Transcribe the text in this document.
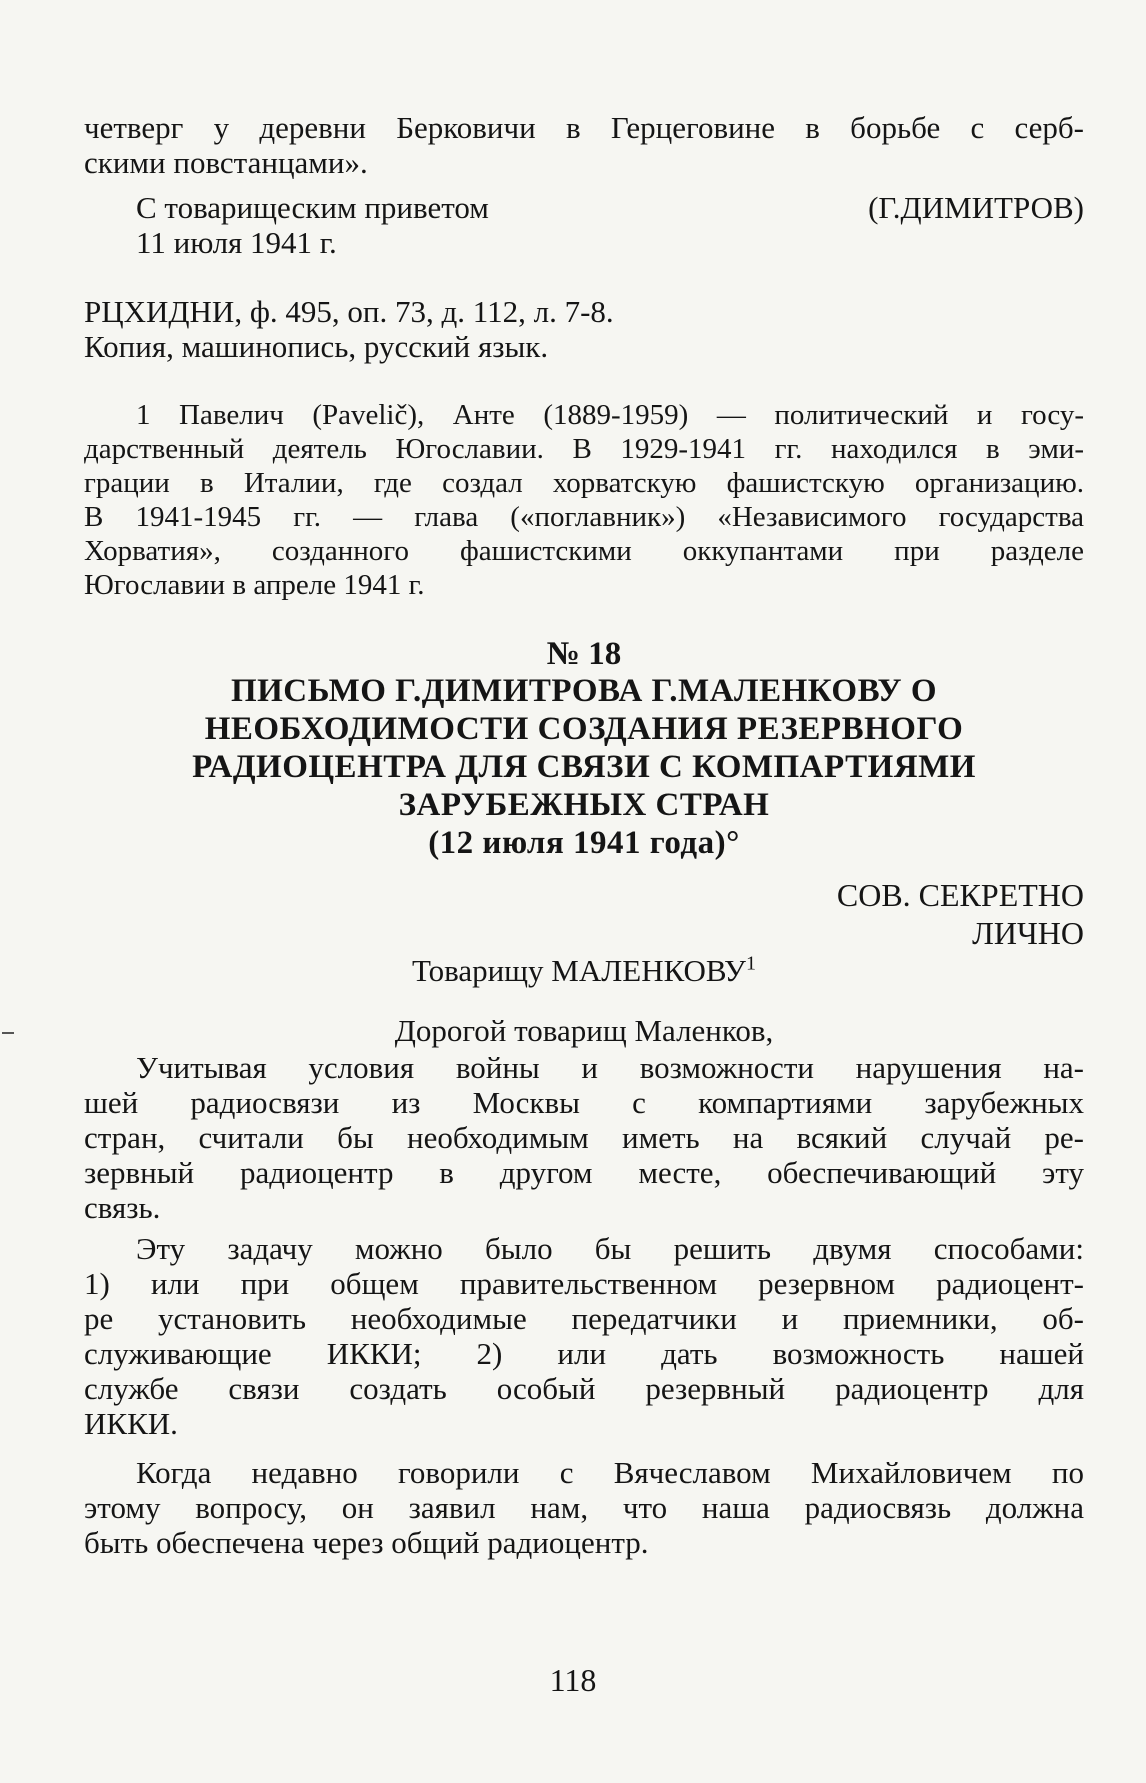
четверг у деревни Берковичи в Герцеговине в борьбе с серб-

скими повстанцами».

С товарищеским приветом	(Г.ДИМИТРОВ)

11 июля 1941 г.

РЦХИДНИ, ф. 495, оп. 73, д. 112, л. 7-8.

Копия, машинопись, русский язык.

1 Павелич (Pavelič), Анте (1889-1959) — политический и госу-

дарственный деятель Югославии. В 1929-1941 гг. находился в эми-

грации в Италии, где создал хорватскую фашистскую организацию.

В 1941-1945 гг. — глава («поглавник») «Независимого государства

Хорватия», созданного фашистскими оккупантами при разделе

Югославии в апреле 1941 г.

№ 18

ПИСЬМО Г.ДИМИТРОВА Г.МАЛЕНКОВУ О

НЕОБХОДИМОСТИ СОЗДАНИЯ РЕЗЕРВНОГО

РАДИОЦЕНТРА ДЛЯ СВЯЗИ С КОМПАРТИЯМИ

ЗАРУБЕЖНЫХ СТРАН

(12 июля 1941 года)°

СОВ. СЕКРЕТНО

ЛИЧНО

Товарищу МАЛЕНКОВУ$^1$

Дорогой товарищ Маленков,

Учитывая условия войны и возможности нарушения на-

шей радиосвязи из Москвы с компартиями зарубежных

стран, считали бы необходимым иметь на всякий случай ре-

зервный радиоцентр в другом месте, обеспечивающий эту

связь.

Эту задачу можно было бы решить двумя способами:

1) или при общем правительственном резервном радиоцент-

ре установить необходимые передатчики и приемники, об-

служивающие ИККИ; 2) или дать возможность нашей

службе связи создать особый резервный радиоцентр для

ИККИ.

Когда недавно говорили с Вячеславом Михайловичем по

этому вопросу, он заявил нам, что наша радиосвязь должна

быть обеспечена через общий радиоцентр.

118
